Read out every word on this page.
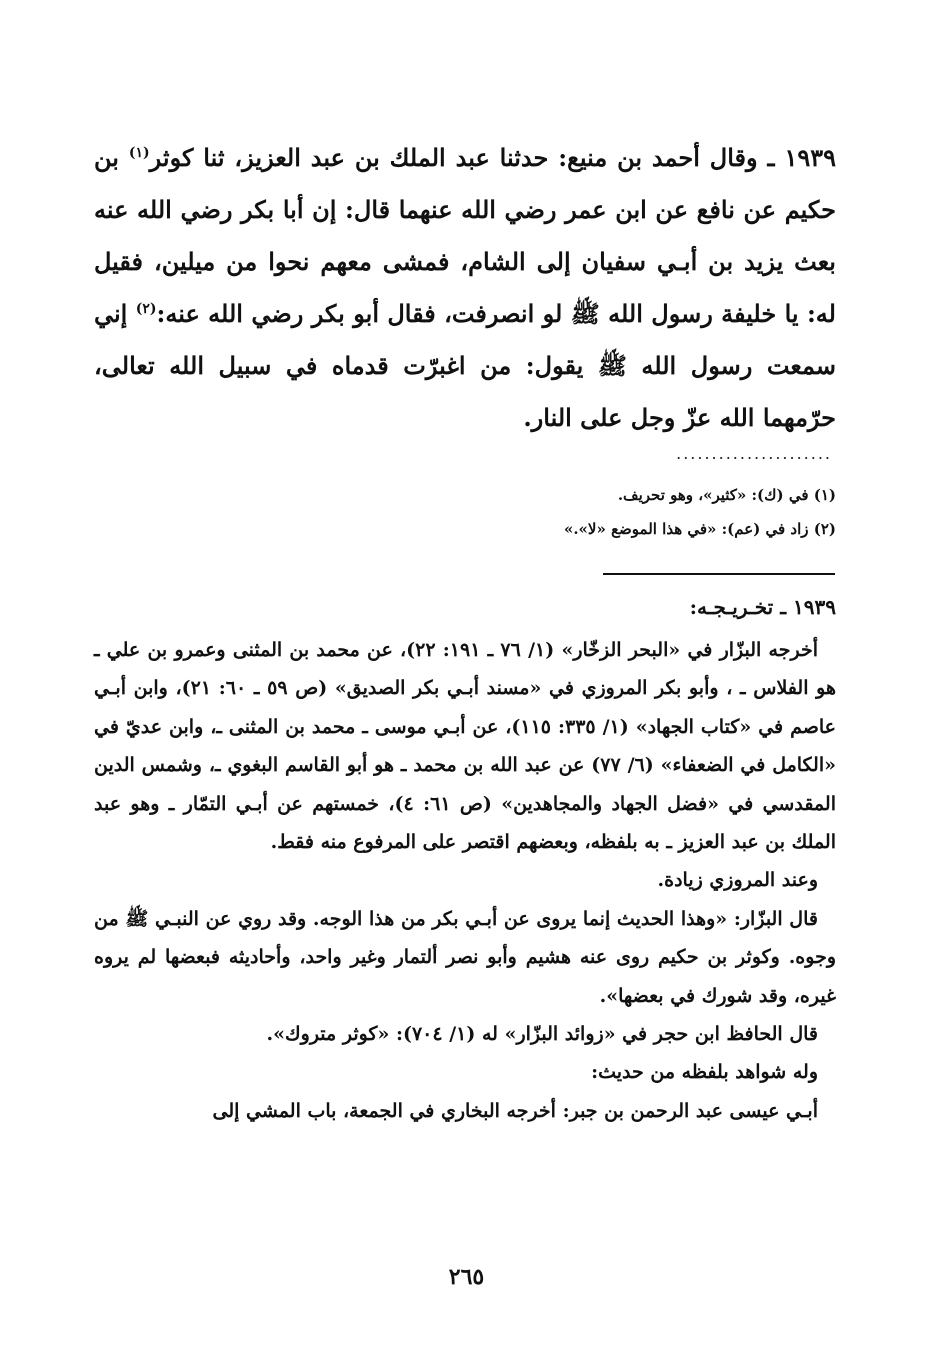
١٩٣٩ ـ وقال أحمد بن منيع: حدثنا عبد الملك بن عبد العزيز، ثنا كوثر$^{(١)}$ بن حكيم عن نافع عن ابن عمر رضي الله عنهما قال: إن أبا بكر رضي الله عنه بعث يزيد بن أبـي سفيان إلى الشام، فمشى معهم نحوا من ميلين، فقيل له: يا خليفة رسول الله ﷺ لو انصرفت، فقال أبو بكر رضي الله عنه:$^{(٢)}$ إني سمعت رسول الله ﷺ يقول: من اغبرّت قدماه في سبيل الله تعالى، حرّمهما الله عزّ وجل على النار.
......................
(١) في (ك): «كثير»، وهو تحريف.
(٢) زاد في (عم): «في هذا الموضع «لا».»
١٩٣٩ ـ تخـريـجـه:

أخرجه البزّار في «البحر الزخّار» (١/ ٧٦ ـ ١٩١: ٢٢)، عن محمد بن المثنى وعمرو بن علي ـ هو الفلاس ـ ، وأبو بكر المروزي في «مسند أبـي بكر الصديق» (ص ٥٩ ـ ٦٠: ٢١)، وابن أبـي عاصم في «كتاب الجهاد» (١/ ٣٣٥: ١١٥)، عن أبـي موسى ـ محمد بن المثنى ـ، وابن عديّ في «الكامل في الضعفاء» (٦/ ٧٧) عن عبد الله بن محمد ـ هو أبو القاسم البغوي ـ، وشمس الدين المقدسي في «فضل الجهاد والمجاهدين» (ص ٦١: ٤)، خمستهم عن أبـي التمّار ـ وهو عبد الملك بن عبد العزيز ـ به بلفظه، وبعضهم اقتصر على المرفوع منه فقط.

وعند المروزي زيادة.

قال البزّار: «وهذا الحديث إنما يروى عن أبـي بكر من هذا الوجه. وقد روي عن النبـي ﷺ من وجوه. وكوثر بن حكيم روى عنه هشيم وأبو نصر ألتمار وغير واحد، وأحاديثه فبعضها لم يروه غيره، وقد شورك في بعضها».

قال الحافظ ابن حجر في «زوائد البزّار» له (١/ ٧٠٤): «كوثر متروك».

وله شواهد بلفظه من حديث:

أبـي عيسى عبد الرحمن بن جبر: أخرجه البخاري في الجمعة، باب المشي إلى

٢٦٥
